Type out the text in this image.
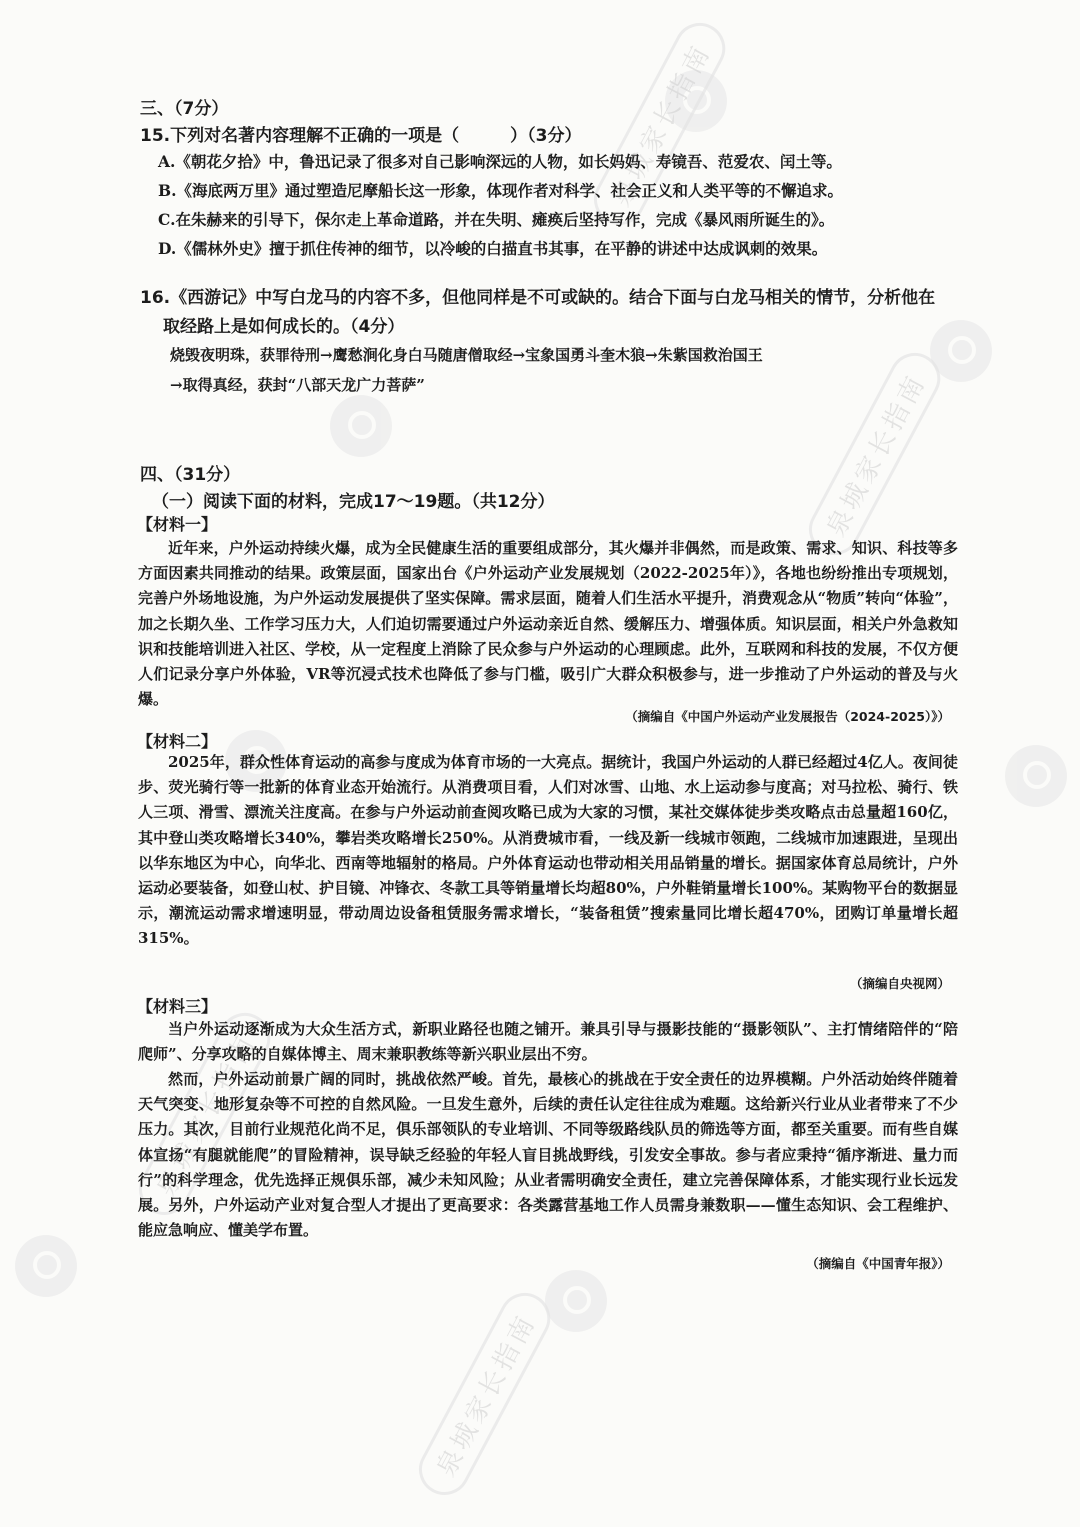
泉城家长指南
泉城家长指南
泉城家长指南
泉城家长指南
三、（7分）
15.下列对名著内容理解不正确的一项是（　　　）（3分）
A.《朝花夕拾》中，鲁迅记录了很多对自己影响深远的人物，如长妈妈、寿镜吾、范爱农、闰土等。
B.《海底两万里》通过塑造尼摩船长这一形象，体现作者对科学、社会正义和人类平等的不懈追求。
C.在朱赫来的引导下，保尔走上革命道路，并在失明、瘫痪后坚持写作，完成《暴风雨所诞生的》。
D.《儒林外史》擅于抓住传神的细节，以冷峻的白描直书其事，在平静的讲述中达成讽刺的效果。
16.《西游记》中写白龙马的内容不多，但他同样是不可或缺的。结合下面与白龙马相关的情节，分析他在
取经路上是如何成长的。（4分）
烧毁夜明珠，获罪待刑→鹰愁涧化身白马随唐僧取经→宝象国勇斗奎木狼→朱紫国救治国王
→取得真经，获封“八部天龙广力菩萨”
四、（31分）
（一）阅读下面的材料，完成17～19题。（共12分）
【材料一】

近年来，户外运动持续火爆，成为全民健康生活的重要组成部分，其火爆并非偶然，而是政策、需求、知识、科技等多方面因素共同推动的结果。政策层面，国家出台《户外运动产业发展规划（2022-2025年）》，各地也纷纷推出专项规划，完善户外场地设施，为户外运动发展提供了坚实保障。需求层面，随着人们生活水平提升，消费观念从“物质”转向“体验”，加之长期久坐、工作学习压力大，人们迫切需要通过户外运动亲近自然、缓解压力、增强体质。知识层面，相关户外急救知识和技能培训进入社区、学校，从一定程度上消除了民众参与户外运动的心理顾虑。此外，互联网和科技的发展，不仅方便人们记录分享户外体验，VR等沉浸式技术也降低了参与门槛，吸引广大群众积极参与，进一步推动了户外运动的普及与火爆。

（摘编自《中国户外运动产业发展报告（2024-2025）》）
【材料二】

2025年，群众性体育运动的高参与度成为体育市场的一大亮点。据统计，我国户外运动的人群已经超过4亿人。夜间徒步、荧光骑行等一批新的体育业态开始流行。从消费项目看，人们对冰雪、山地、水上运动参与度高；对马拉松、骑行、铁人三项、滑雪、漂流关注度高。在参与户外运动前查阅攻略已成为大家的习惯，某社交媒体徒步类攻略点击总量超160亿，其中登山类攻略增长340%，攀岩类攻略增长250%。从消费城市看，一线及新一线城市领跑，二线城市加速跟进，呈现出以华东地区为中心，向华北、西南等地辐射的格局。户外体育运动也带动相关用品销量的增长。据国家体育总局统计，户外运动必要装备，如登山杖、护目镜、冲锋衣、冬款工具等销量增长均超80%，户外鞋销量增长100%。某购物平台的数据显示，潮流运动需求增速明显，带动周边设备租赁服务需求增长，“装备租赁”搜索量同比增长超470%，团购订单量增长超315%。

（摘编自央视网）
【材料三】

当户外运动逐渐成为大众生活方式，新职业路径也随之铺开。兼具引导与摄影技能的“摄影领队”、主打情绪陪伴的“陪爬师”、分享攻略的自媒体博主、周末兼职教练等新兴职业层出不穷。

然而，户外运动前景广阔的同时，挑战依然严峻。首先，最核心的挑战在于安全责任的边界模糊。户外活动始终伴随着天气突变、地形复杂等不可控的自然风险。一旦发生意外，后续的责任认定往往成为难题。这给新兴行业从业者带来了不少压力。其次，目前行业规范化尚不足，俱乐部领队的专业培训、不同等级路线队员的筛选等方面，都至关重要。而有些自媒体宣扬“有腿就能爬”的冒险精神，误导缺乏经验的年轻人盲目挑战野线，引发安全事故。参与者应秉持“循序渐进、量力而行”的科学理念，优先选择正规俱乐部，减少未知风险；从业者需明确安全责任，建立完善保障体系，才能实现行业长远发展。另外，户外运动产业对复合型人才提出了更高要求：各类露营基地工作人员需身兼数职——懂生态知识、会工程维护、能应急响应、懂美学布置。

（摘编自《中国青年报》）
